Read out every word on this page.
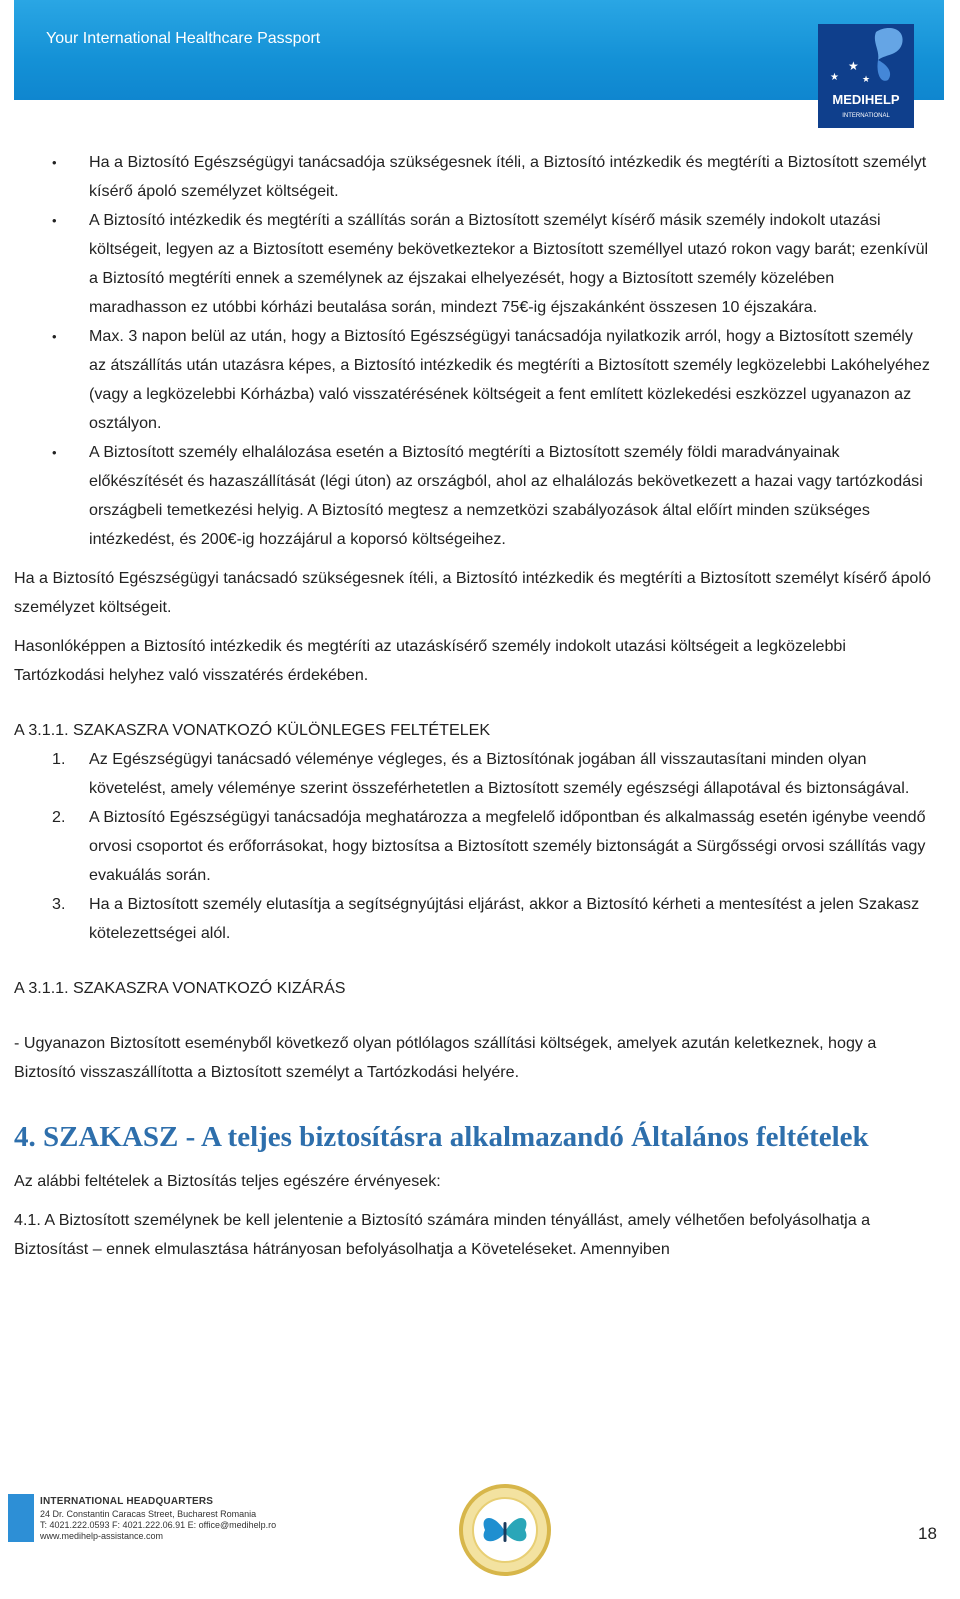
Your International Healthcare Passport
★
★	★
MEDIHELP
INTERNATIONAL
• Ha a Biztosító Egészségügyi tanácsadója szükségesnek ítéli, a Biztosító intézkedik és megtéríti a Biztosított személyt kísérő ápoló személyzet költségeit.
• A Biztosító intézkedik és megtéríti a szállítás során a Biztosított személyt kísérő másik személy indokolt utazási költségeit, legyen az a Biztosított esemény bekövetkeztekor a Biztosított személlyel utazó rokon vagy barát; ezenkívül a Biztosító megtéríti ennek a személynek az éjszakai elhelyezését, hogy a Biztosított személy közelében maradhasson ez utóbbi kórházi beutalása során, mindezt 75€-ig éjszakánként összesen 10 éjszakára.
• Max. 3 napon belül az után, hogy a Biztosító Egészségügyi tanácsadója nyilatkozik arról, hogy a Biztosított személy az átszállítás után utazásra képes, a Biztosító intézkedik és megtéríti a Biztosított személy legközelebbi Lakóhelyéhez (vagy a legközelebbi Kórházba) való visszatérésének költségeit a fent említett közlekedési eszközzel ugyanazon az osztályon.
• A Biztosított személy elhalálozása esetén a Biztosító megtéríti a Biztosított személy földi maradványainak előkészítését és hazaszállítását (légi úton) az országból, ahol az elhalálozás bekövetkezett a hazai vagy tartózkodási országbeli temetkezési helyig. A Biztosító megtesz a nemzetközi szabályozások által előírt minden szükséges intézkedést, és 200€-ig hozzájárul a koporsó költségeihez.

Ha a Biztosító Egészségügyi tanácsadó szükségesnek ítéli, a Biztosító intézkedik és megtéríti a Biztosított személyt kísérő ápoló személyzet költségeit.

Hasonlóképpen a Biztosító intézkedik és megtéríti az utazáskísérő személy indokolt utazási költségeit a legközelebbi Tartózkodási helyhez való visszatérés érdekében.

A 3.1.1. SZAKASZRA VONATKOZÓ KÜLÖNLEGES FELTÉTELEK

1. Az Egészségügyi tanácsadó véleménye végleges, és a Biztosítónak jogában áll visszautasítani minden olyan követelést, amely véleménye szerint összeférhetetlen a Biztosított személy egészségi állapotával és biztonságával.
2. A Biztosító Egészségügyi tanácsadója meghatározza a megfelelő időpontban és alkalmasság esetén igénybe veendő orvosi csoportot és erőforrásokat, hogy biztosítsa a Biztosított személy biztonságát a Sürgősségi orvosi szállítás vagy evakuálás során.
3. Ha a Biztosított személy elutasítja a segítségnyújtási eljárást, akkor a Biztosító kérheti a mentesítést a jelen Szakasz kötelezettségei alól.

A 3.1.1. SZAKASZRA VONATKOZÓ KIZÁRÁS

- Ugyanazon Biztosított eseményből következő olyan pótlólagos szállítási költségek, amelyek azután keletkeznek, hogy a Biztosító visszaszállította a Biztosított személyt a Tartózkodási helyére.

4. SZAKASZ - A teljes biztosításra alkalmazandó Általános feltételek

Az alábbi feltételek a Biztosítás teljes egészére érvényesek:

4.1. A Biztosított személynek be kell jelentenie a Biztosító számára minden tényállást, amely vélhetően befolyásolhatja a Biztosítást – ennek elmulasztása hátrányosan befolyásolhatja a Követeléseket. Amennyiben

INTERNATIONAL HEADQUARTERS
24 Dr. Constantin Caracas Street, Bucharest Romania
T: 4021.222.0593 F: 4021.222.06.91 E: office@medihelp.ro
www.medihelp-assistance.com	18
